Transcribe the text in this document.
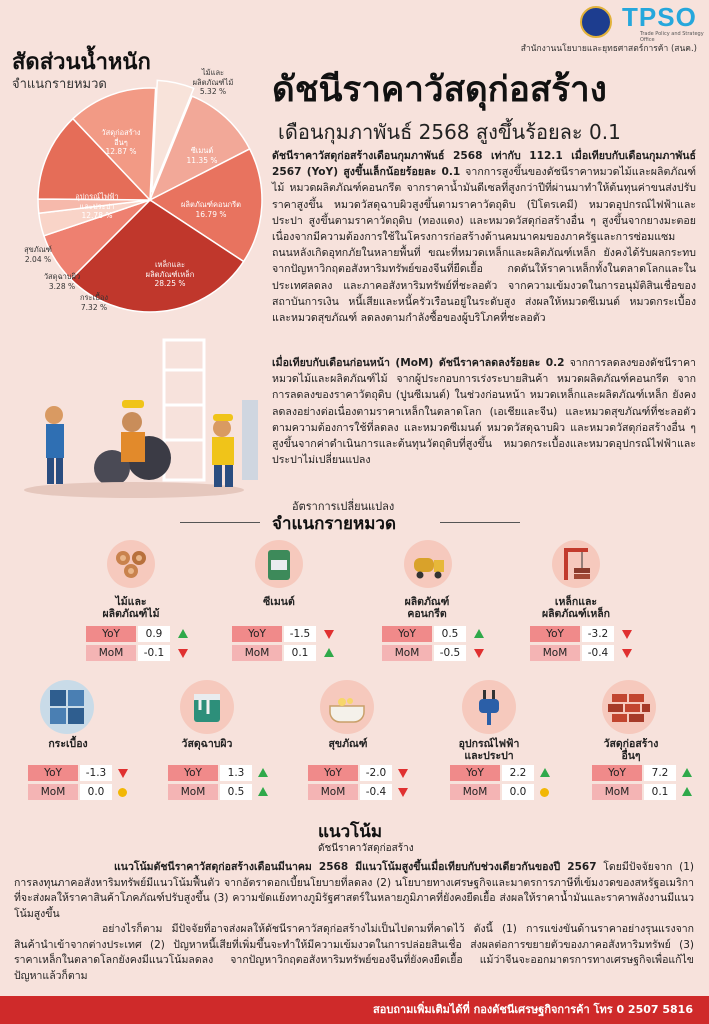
TPSO
Trade Policy and Strategy Office
สำนักงานนโยบายและยุทธศาสตร์การค้า (สนค.)
สัดส่วนน้ำหนัก
จำแนกรายหมวด
ไม้และ
ผลิตภัณฑ์ไม้
5.32 %
ซีเมนต์
11.35 %
ผลิตภัณฑ์คอนกรีต
16.79 %
เหล็กและ
ผลิตภัณฑ์เหล็ก
28.25 %
กระเบื้อง
7.32 %
วัสดุฉาบผิว
3.28 %
สุขภัณฑ์
2.04 %
อุปกรณ์ไฟฟ้า
และประปา
12.78 %
วัสดุก่อสร้าง
อื่นๆ
12.87 %
ดัชนีราคาวัสดุก่อสร้าง
เดือนกุมภาพันธ์ 2568 สูงขึ้นร้อยละ 0.1
ดัชนีราคาวัสดุก่อสร้างเดือนกุมภาพันธ์ 2568 เท่ากับ 112.1 เมื่อเทียบกับเดือนกุมภาพันธ์ 2567 (YoY) สูงขึ้นเล็กน้อยร้อยละ 0.1 จากการสูงขึ้นของดัชนีราคาหมวดไม้และผลิตภัณฑ์ไม้ หมวดผลิตภัณฑ์คอนกรีต จากราคาน้ำมันดีเซลที่สูงกว่าปีที่ผ่านมาทำให้ต้นทุนค่าขนส่งปรับราคาสูงขึ้น หมวดวัสดุฉาบผิวสูงขึ้นตามราคาวัตถุดิบ (ปิโตรเคมี) หมวดอุปกรณ์ไฟฟ้าและประปา สูงขึ้นตามราคาวัตถุดิบ (ทองแดง) และหมวดวัสดุก่อสร้างอื่น ๆ สูงขึ้นจากยางมะตอย เนื่องจากมีความต้องการใช้ในโครงการก่อสร้างด้านคมนาคมของภาครัฐและการซ่อมแซมถนนหลังเกิดอุทกภัยในหลายพื้นที่ ขณะที่หมวดเหล็กและผลิตภัณฑ์เหล็ก ยังคงได้รับผลกระทบจากปัญหาวิกฤตอสังหาริมทรัพย์ของจีนที่ยืดเยื้อ กดดันให้ราคาเหล็กทั้งในตลาดโลกและในประเทศลดลง และภาคอสังหาริมทรัพย์ที่ชะลอตัว จากความเข้มงวดในการอนุมัติสินเชื่อของสถาบันการเงิน หนี้เสียและหนี้ครัวเรือนอยู่ในระดับสูง ส่งผลให้หมวดซีเมนต์ หมวดกระเบื้อง และหมวดสุขภัณฑ์ ลดลงตามกำลังซื้อของผู้บริโภคที่ชะลอตัว
เมื่อเทียบกับเดือนก่อนหน้า (MoM) ดัชนีราคาลดลงร้อยละ 0.2 จากการลดลงของดัชนีราคาหมวดไม้และผลิตภัณฑ์ไม้ จากผู้ประกอบการเร่งระบายสินค้า หมวดผลิตภัณฑ์คอนกรีต จากการลดลงของราคาวัตถุดิบ (ปูนซีเมนต์) ในช่วงก่อนหน้า หมวดเหล็กและผลิตภัณฑ์เหล็ก ยังคงลดลงอย่างต่อเนื่องตามราคาเหล็กในตลาดโลก (เอเชียและจีน) และหมวดสุขภัณฑ์ที่ชะลอตัวตามความต้องการใช้ที่ลดลง และหมวดซีเมนต์ หมวดวัสดุฉาบผิว และหมวดวัสดุก่อสร้างอื่น ๆ สูงขึ้นจากค่าดำเนินการและต้นทุนวัตถุดิบที่สูงขึ้น หมวดกระเบื้องและหมวดอุปกรณ์ไฟฟ้าและประปาไม่เปลี่ยนแปลง
อัตราการเปลี่ยนแปลง
จำแนกรายหมวด
ไม้และ
ผลิตภัณฑ์ไม้
YoY	0.9
MoM	-0.1
ซีเมนต์
YoY	-1.5
MoM	0.1
ผลิตภัณฑ์
คอนกรีต
YoY	0.5
MoM	-0.5
เหล็กและ
ผลิตภัณฑ์เหล็ก
YoY	-3.2
MoM	-0.4
กระเบื้อง
YoY	-1.3
MoM	0.0
วัสดุฉาบผิว
YoY	1.3
MoM	0.5
สุขภัณฑ์
YoY	-2.0
MoM	-0.4
อุปกรณ์ไฟฟ้า
และประปา
YoY	2.2
MoM	0.0
วัสดุก่อสร้าง
อื่นๆ
YoY	7.2
MoM	0.1
แนวโน้ม
ดัชนีราคาวัสดุก่อสร้าง
แนวโน้มดัชนีราคาวัสดุก่อสร้างเดือนมีนาคม 2568 มีแนวโน้มสูงขึ้นเมื่อเทียบกับช่วงเดียวกันของปี 2567 โดยมีปัจจัยจาก (1) การลงทุนภาคอสังหาริมทรัพย์มีแนวโน้มฟื้นตัว จากอัตราดอกเบี้ยนโยบายที่ลดลง (2) นโยบายทางเศรษฐกิจและมาตรการภาษีที่เข้มงวดของสหรัฐอเมริกา ที่จะส่งผลให้ราคาสินค้าโภคภัณฑ์ปรับสูงขึ้น (3) ความขัดแย้งทางภูมิรัฐศาสตร์ในหลายภูมิภาคที่ยังคงยืดเยื้อ ส่งผลให้ราคาน้ำมันและราคาพลังงานมีแนวโน้มสูงขึ้น
อย่างไรก็ตาม มีปัจจัยที่อาจส่งผลให้ดัชนีราคาวัสดุก่อสร้างไม่เป็นไปตามที่คาดไว้ ดังนี้ (1) การแข่งขันด้านราคาอย่างรุนแรงจากสินค้านำเข้าจากต่างประเทศ (2) ปัญหาหนี้เสียที่เพิ่มขึ้นจะทำให้มีความเข้มงวดในการปล่อยสินเชื่อ ส่งผลต่อการขยายตัวของภาคอสังหาริมทรัพย์ (3) ราคาเหล็กในตลาดโลกยังคงมีแนวโน้มลดลง จากปัญหาวิกฤตอสังหาริมทรัพย์ของจีนที่ยังคงยืดเยื้อ แม้ว่าจีนจะออกมาตรการทางเศรษฐกิจเพื่อแก้ไขปัญหาแล้วก็ตาม
สอบถามเพิ่มเติมได้ที่ กองดัชนีเศรษฐกิจการค้า โทร 0 2507 5816
